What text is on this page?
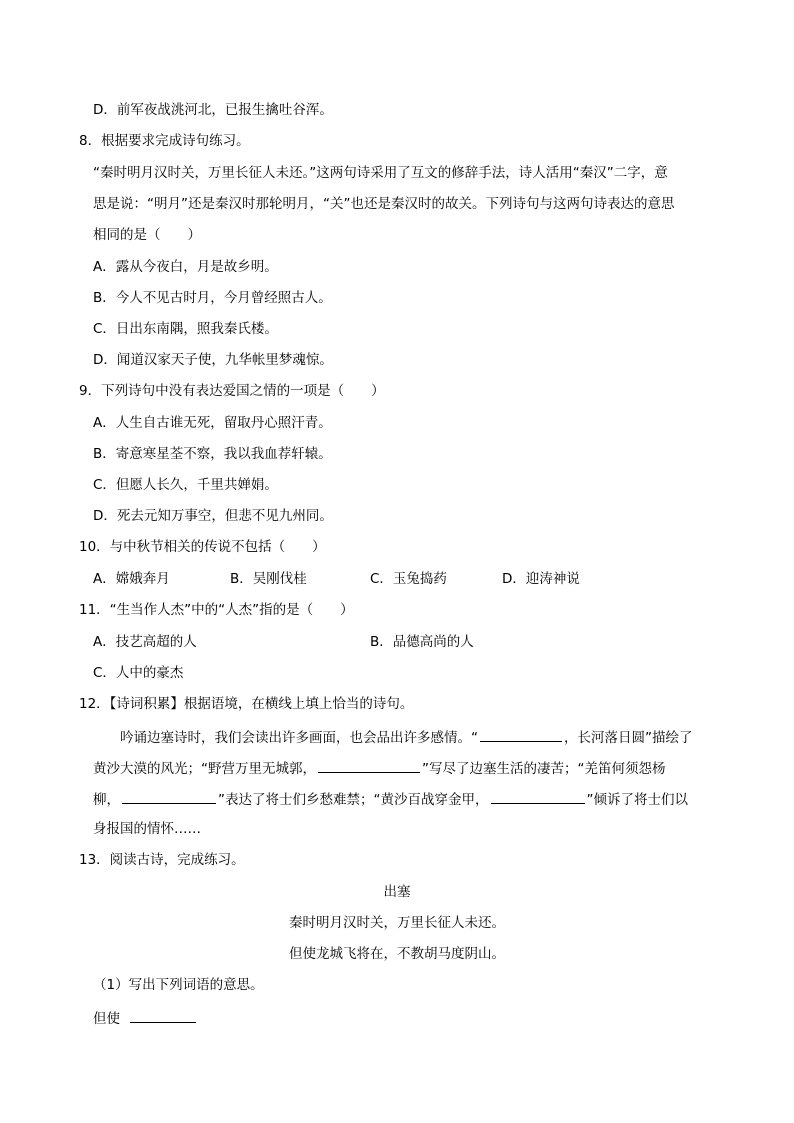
D．前军夜战洮河北，已报生擒吐谷浑。
8．根据要求完成诗句练习。
“秦时明月汉时关，万里长征人未还。”这两句诗采用了互文的修辞手法，诗人活用“秦汉”二字，意
思是说：“明月”还是秦汉时那轮明月，“关”也还是秦汉时的故关。下列诗句与这两句诗表达的意思
相同的是（　　）
A．露从今夜白，月是故乡明。
B．今人不见古时月，今月曾经照古人。
C．日出东南隅，照我秦氏楼。
D．闻道汉家天子使，九华帐里梦魂惊。
9．下列诗句中没有表达爱国之情的一项是（　　）
A．人生自古谁无死，留取丹心照汗青。
B．寄意寒星荃不察，我以我血荐轩辕。
C．但愿人长久，千里共婵娟。
D．死去元知万事空，但悲不见九州同。
10．与中秋节相关的传说不包括（　　）
A．嫦娥奔月	B．吴刚伐桂	C．玉兔捣药	D．迎涛神说
11．“生当作人杰”中的“人杰”指的是（　　）
A．技艺高超的人	B．品德高尚的人
C．人中的豪杰
12．【诗词积累】根据语境，在横线上填上恰当的诗句。
吟诵边塞诗时，我们会读出许多画面，也会品出许多感情。“	，长河落日圆”描绘了
黄沙大漠的风光；“野营万里无城郭，	”写尽了边塞生活的凄苦；“羌笛何须怨杨
柳，	”表达了将士们乡愁难禁；“黄沙百战穿金甲，	”倾诉了将士们以
身报国的情怀……
13．阅读古诗，完成练习。
出塞
秦时明月汉时关，万里长征人未还。
但使龙城飞将在，不教胡马度阴山。
（1）写出下列词语的意思。
但使
